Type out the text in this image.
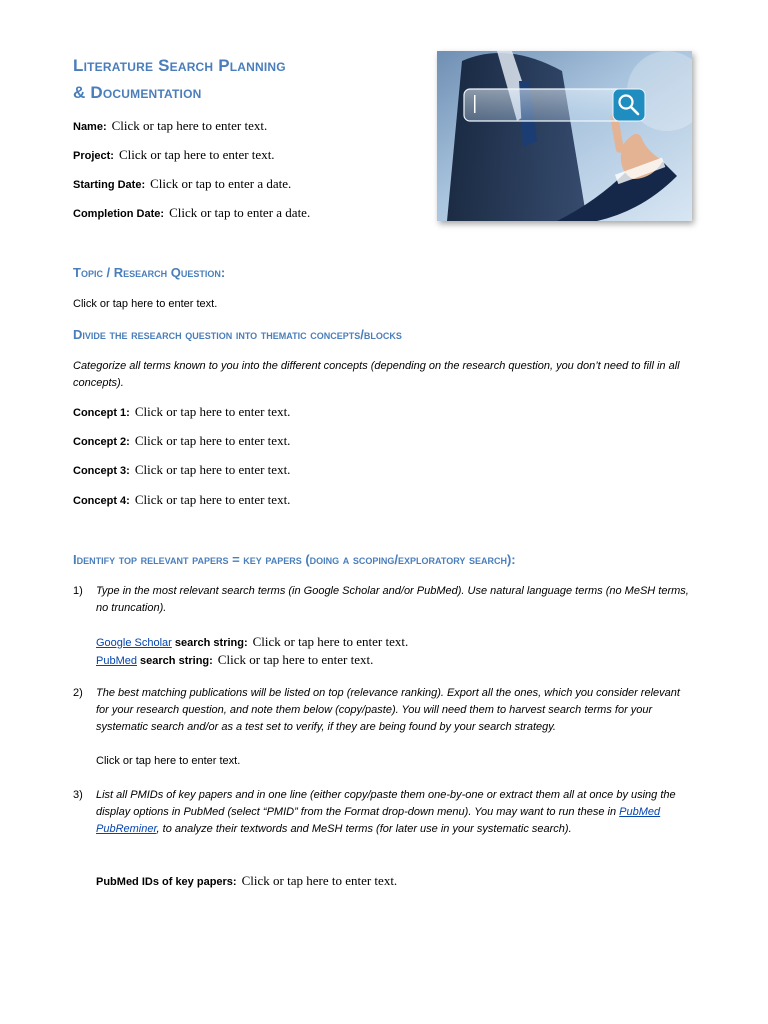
Literature Search Planning
& Documentation
Name: Click or tap here to enter text.
Project: Click or tap here to enter text.
Starting Date: Click or tap to enter a date.
Completion Date: Click or tap to enter a date.
Topic / Research Question:
Click or tap here to enter text.
Divide the research question into thematic concepts/blocks
Categorize all terms known to you into the different concepts (depending on the research question, you don’t need to fill in all concepts).
Concept 1: Click or tap here to enter text.
Concept 2: Click or tap here to enter text.
Concept 3: Click or tap here to enter text.
Concept 4: Click or tap here to enter text.
Identify top relevant papers = key papers (doing a scoping/exploratory search):
1) Type in the most relevant search terms (in Google Scholar and/or PubMed). Use natural language terms (no MeSH terms, no truncation).
Google Scholar search string: Click or tap here to enter text.
PubMed search string: Click or tap here to enter text.
2) The best matching publications will be listed on top (relevance ranking). Export all the ones, which you consider relevant for your research question, and note them below (copy/paste). You will need them to harvest search terms for your systematic search and/or as a test set to verify, if they are being found by your search strategy.
Click or tap here to enter text.
3) List all PMIDs of key papers and in one line (either copy/paste them one-by-one or extract them all at once by using the display options in PubMed (select “PMID” from the Format drop-down menu). You may want to run these in PubMed PubReminer, to analyze their textwords and MeSH terms (for later use in your systematic search).
PubMed IDs of key papers: Click or tap here to enter text.
